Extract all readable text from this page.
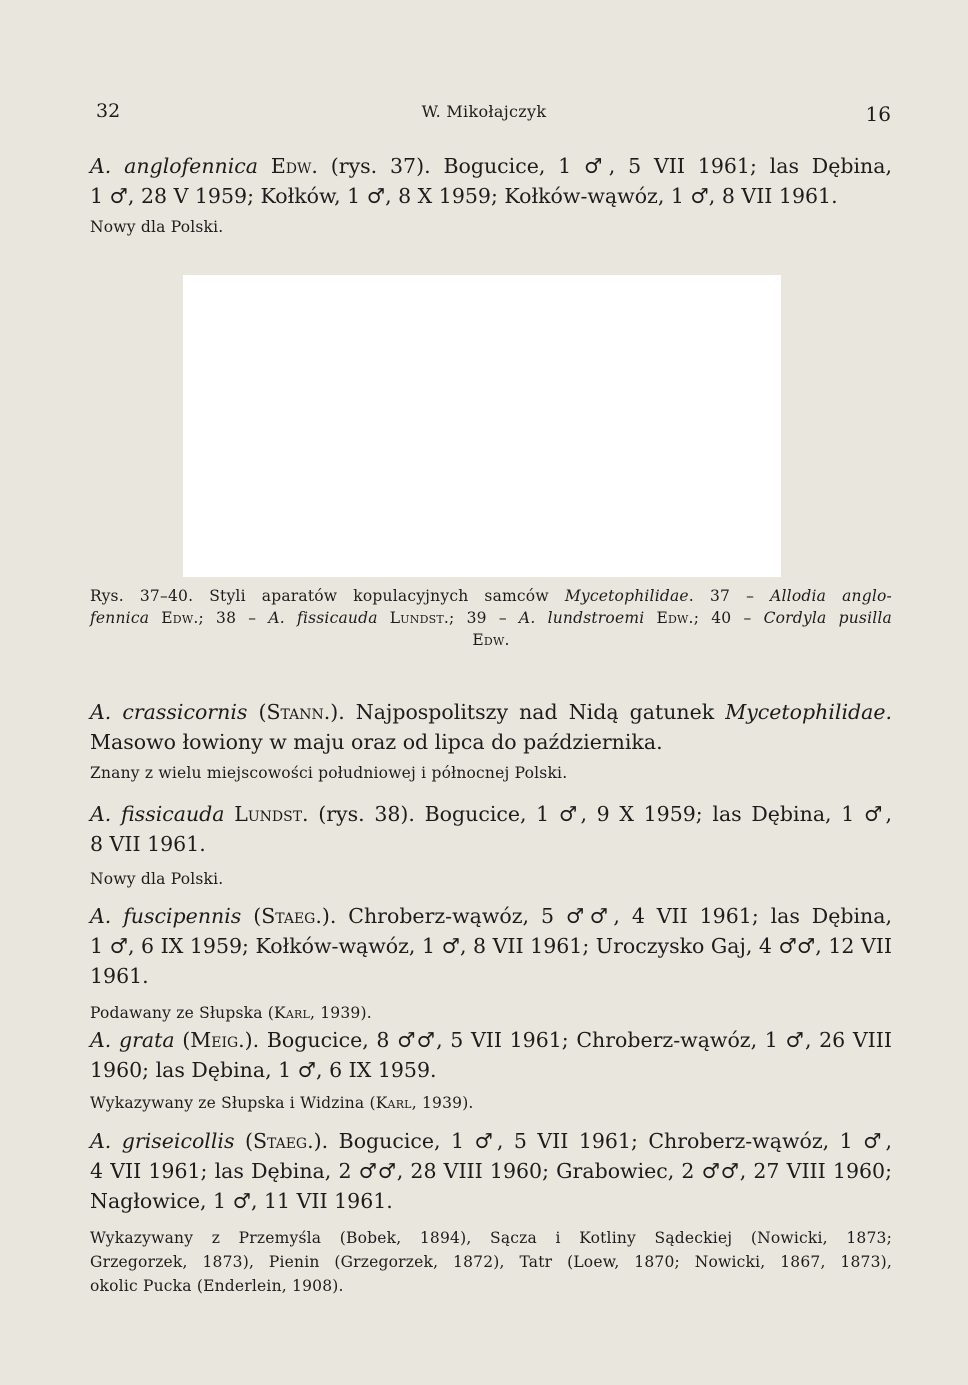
32	W. Mikołajczyk	16
A. anglofennica Edw. (rys. 37). Bogucice, 1 ♂, 5 VII 1961; las Dębina,
1 ♂, 28 V 1959; Kołków, 1 ♂, 8 X 1959; Kołków-wąwóz, 1 ♂, 8 VII 1961.
Nowy dla Polski.
Rys. 37–40. Styli aparatów kopulacyjnych samców Mycetophilidae. 37 – Allodia anglo-
fennica Edw.; 38 – A. fissicauda Lundst.; 39 – A. lundstroemi Edw.; 40 – Cordyla pusilla
Edw.
A. crassicornis (Stann.). Najpospolitszy nad Nidą gatunek Mycetophilidae.
Masowo łowiony w maju oraz od lipca do października.
Znany z wielu miejscowości południowej i północnej Polski.
A. fissicauda Lundst. (rys. 38). Bogucice, 1 ♂, 9 X 1959; las Dębina, 1 ♂,
8 VII 1961.
Nowy dla Polski.
A. fuscipennis (Staeg.). Chroberz-wąwóz, 5 ♂♂, 4 VII 1961; las Dębina,
1 ♂, 6 IX 1959; Kołków-wąwóz, 1 ♂, 8 VII 1961; Uroczysko Gaj, 4 ♂♂, 12 VII
1961.
Podawany ze Słupska (Karl, 1939).
A. grata (Meig.). Bogucice, 8 ♂♂, 5 VII 1961; Chroberz-wąwóz, 1 ♂, 26 VIII
1960; las Dębina, 1 ♂, 6 IX 1959.
Wykazywany ze Słupska i Widzina (Karl, 1939).
A. griseicollis (Staeg.). Bogucice, 1 ♂, 5 VII 1961; Chroberz-wąwóz, 1 ♂,
4 VII 1961; las Dębina, 2 ♂♂, 28 VIII 1960; Grabowiec, 2 ♂♂, 27 VIII 1960;
Nagłowice, 1 ♂, 11 VII 1961.
Wykazywany z Przemyśla (Bobek, 1894), Sącza i Kotliny Sądeckiej (Nowicki, 1873;
Grzegorzek, 1873), Pienin (Grzegorzek, 1872), Tatr (Loew, 1870; Nowicki, 1867, 1873),
okolic Pucka (Enderlein, 1908).
